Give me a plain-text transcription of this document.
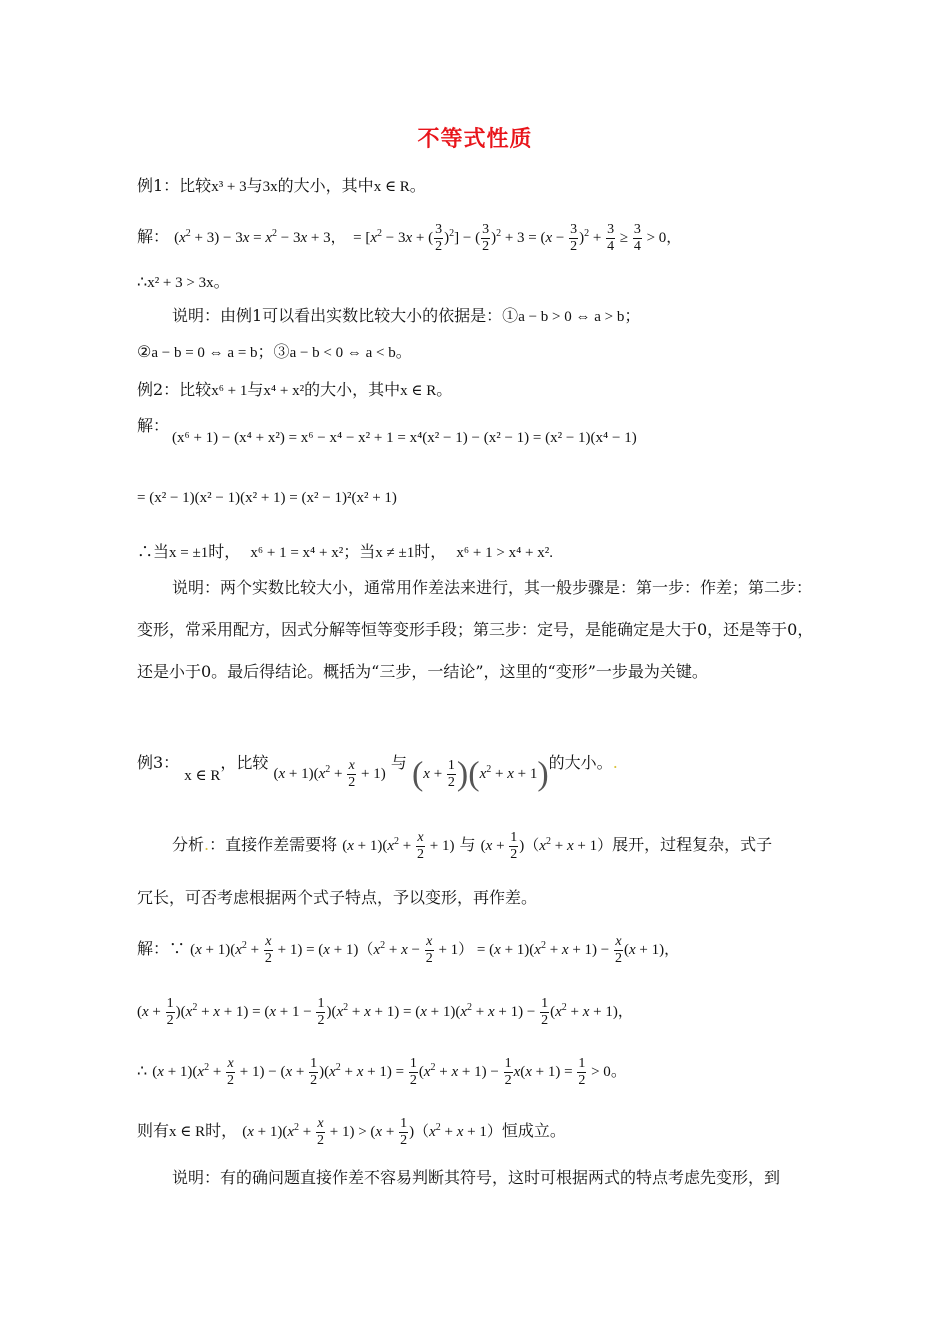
不等式性质
例1：比较x³ + 3与3x的大小，其中x ∈ R。
解： $(x^2 + 3) - 3x = x^2 - 3x + 3$，  = [$x^2 - 3x$ + ( $\frac{3}{2} )^2$] − ( $\frac{3}{2} )^2 + 3 = (x - \frac{3}{2} )^2 + \frac{3}{4} \ge \frac{3}{4} > 0$，
∴x² + 3 > 3x。
说明：由例1可以看出实数比较大小的依据是：①a − b > 0 ⇔ a > b；
②a − b = 0 ⇔ a = b；③a − b < 0 ⇔ a < b。
例2：比较x⁶ + 1与x⁴ + x²的大小，其中x ∈ R。
解：
(x⁶ + 1) − (x⁴ + x²) = x⁶ − x⁴ − x² + 1 = x⁴(x² − 1) − (x² − 1) = (x² − 1)(x⁴ − 1)
= (x² − 1)(x² − 1)(x² + 1) = (x² − 1)²(x² + 1)
∴当x = ±1时， x⁶ + 1 = x⁴ + x²；当x ≠ ±1时， x⁶ + 1 > x⁴ + x².
说明：两个实数比较大小，通常用作差法来进行，其一般步骤是：第一步：作差；第二步：变形，常采用配方，因式分解等恒等变形手段；第三步：定号，是能确定是大于0，还是等于0，还是小于0。最后得结论。概括为“三步，一结论”，这里的“变形”一步最为关键。
例3： x ∈ R，比较 $(x + 1)(x^2 + \frac{x}{2} + 1)$ 与 $(x + \frac{1}{2} )(x^2 + x + 1)$的大小。.
分析.：直接作差需要将 $(x + 1)(x^2 + \frac{x}{2} + 1)$ 与 $(x + \frac{1}{2} )(x^2 + x + 1)$展开，过程复杂，式子
冗长，可否考虑根据两个式子特点，予以变形，再作差。
解：∵ $(x + 1)(x^2 + \frac{x}{2} + 1) = (x + 1)(x^2 + x - \frac{x}{2} + 1) = (x + 1)(x^2 + x + 1) - \frac{x}{2} (x + 1)$，
$(x + \frac{1}{2} )(x^2 + x + 1) = (x + 1 - \frac{1}{2} )(x^2 + x + 1) = (x + 1)(x^2 + x + 1) - \frac{1}{2} (x^2 + x + 1)$，
∴ $(x + 1)(x^2 + \frac{x}{2} + 1) - (x + \frac{1}{2} )(x^2 + x + 1) = \frac{1}{2} (x^2 + x + 1) - \frac{1}{2} x(x + 1) = \frac{1}{2} > 0$。
则有x ∈ R时， $(x + 1)(x^2 + \frac{x}{2} + 1) > (x + \frac{1}{2} )(x^2 + x + 1)$恒成立。
说明：有的确问题直接作差不容易判断其符号，这时可根据两式的特点考虑先变形，到
